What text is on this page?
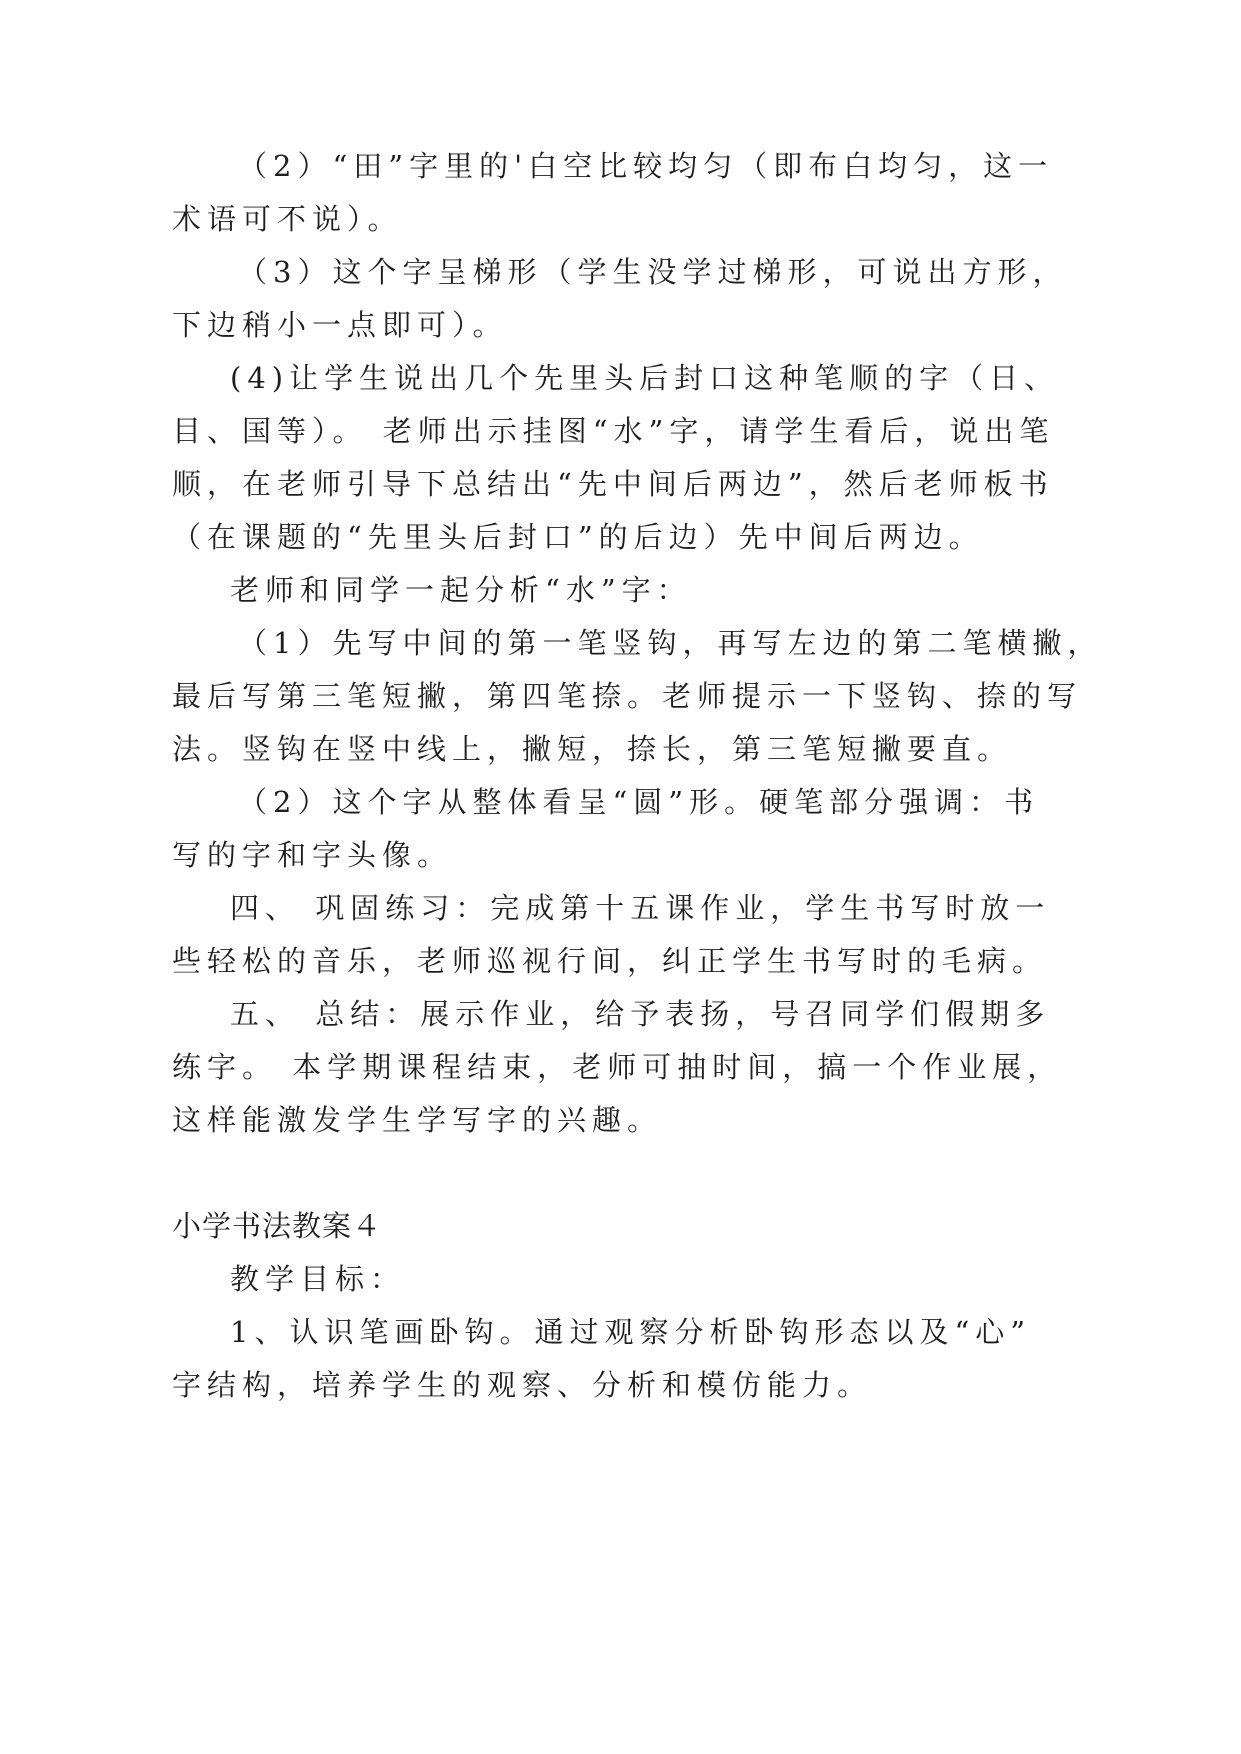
（2）“田”字里的'白空比较均匀（即布白均匀，这一
术语可不说）。
（3）这个字呈梯形（学生没学过梯形，可说出方形，
下边稍小一点即可）。
(4)让学生说出几个先里头后封口这种笔顺的字（日、
目、国等）。 老师出示挂图“水”字，请学生看后，说出笔
顺，在老师引导下总结出“先中间后两边”，然后老师板书
（在课题的“先里头后封口”的后边）先中间后两边。
老师和同学一起分析“水”字：
（1）先写中间的第一笔竖钩，再写左边的第二笔横撇，
最后写第三笔短撇，第四笔捺。老师提示一下竖钩、捺的写
法。竖钩在竖中线上，撇短，捺长，第三笔短撇要直。
（2）这个字从整体看呈“圆”形。硬笔部分强调：书
写的字和字头像。
四、 巩固练习：完成第十五课作业，学生书写时放一
些轻松的音乐，老师巡视行间，纠正学生书写时的毛病。
五、 总结：展示作业，给予表扬，号召同学们假期多
练字。 本学期课程结束，老师可抽时间，搞一个作业展，
这样能激发学生学写字的兴趣。
小学书法教案４
教学目标：
1、认识笔画卧钩。通过观察分析卧钩形态以及“心”
字结构，培养学生的观察、分析和模仿能力。
